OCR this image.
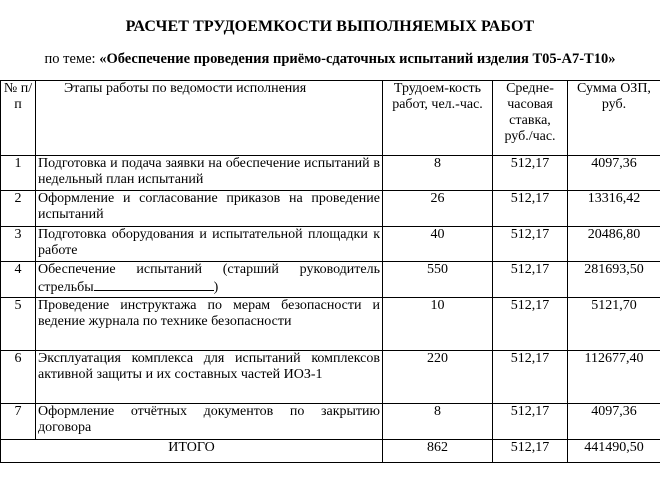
РАСЧЕТ ТРУДОЕМКОСТИ ВЫПОЛНЯЕМЫХ РАБОТ
по теме: «Обеспечение проведения приёмо-сдаточных испытаний изделия Т05-А7-Т10»
№ п/п	Этапы работы по ведомости исполнения	Трудоем-кость работ, чел.-час.	Средне-часовая ставка, руб./час.	Сумма ОЗП, руб.
1	Подготовка и подача заявки на обеспечение испытаний в недельный план испытаний	8	512,17	4097,36
2	Оформление и согласование приказов на проведение испытаний	26	512,17	13316,42
3	Подготовка оборудования и испытательной площадки к работе	40	512,17	20486,80
4	Обеспечение испытаний (старший руководитель стрельбы )	550	512,17	281693,50
5	Проведение инструктажа по мерам безопасности и ведение журнала по технике безопасности	10	512,17	5121,70
6	Эксплуатация комплекса для испытаний комплексов активной защиты и их составных частей ИОЗ-1	220	512,17	112677,40
7	Оформление отчётных документов по закрытию договора	8	512,17	4097,36
ИТОГО		862	512,17	441490,50
